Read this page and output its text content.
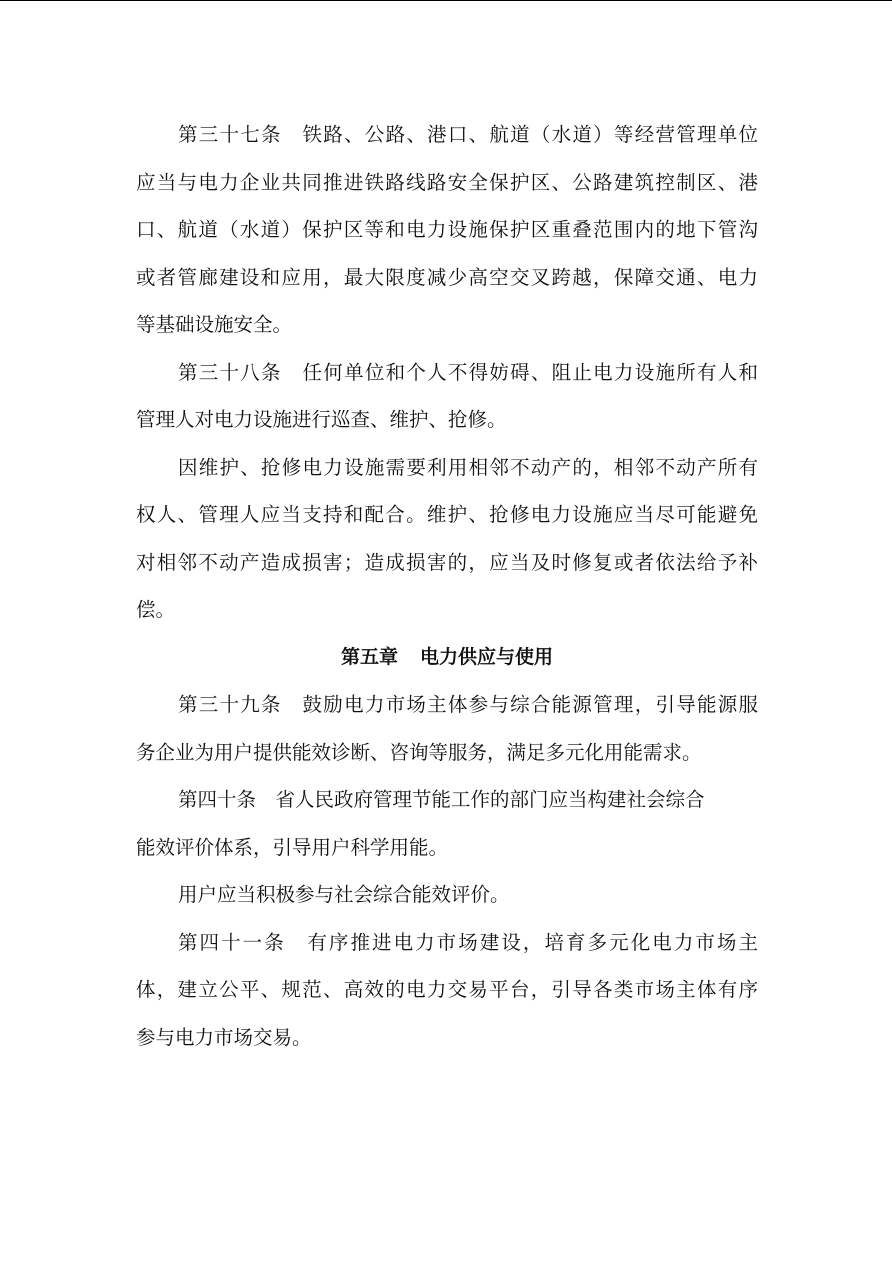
第三十七条　铁路、公路、港口、航道（水道）等经营管理单位
应当与电力企业共同推进铁路线路安全保护区、公路建筑控制区、港
口、航道（水道）保护区等和电力设施保护区重叠范围内的地下管沟
或者管廊建设和应用，最大限度减少高空交叉跨越，保障交通、电力
等基础设施安全。
第三十八条　任何单位和个人不得妨碍、阻止电力设施所有人和
管理人对电力设施进行巡查、维护、抢修。
因维护、抢修电力设施需要利用相邻不动产的，相邻不动产所有
权人、管理人应当支持和配合。维护、抢修电力设施应当尽可能避免
对相邻不动产造成损害；造成损害的，应当及时修复或者依法给予补
偿。
第五章 电力供应与使用
第三十九条　鼓励电力市场主体参与综合能源管理，引导能源服
务企业为用户提供能效诊断、咨询等服务，满足多元化用能需求。
第四十条　省人民政府管理节能工作的部门应当构建社会综合
能效评价体系，引导用户科学用能。
用户应当积极参与社会综合能效评价。
第四十一条　有序推进电力市场建设，培育多元化电力市场主
体，建立公平、规范、高效的电力交易平台，引导各类市场主体有序
参与电力市场交易。
